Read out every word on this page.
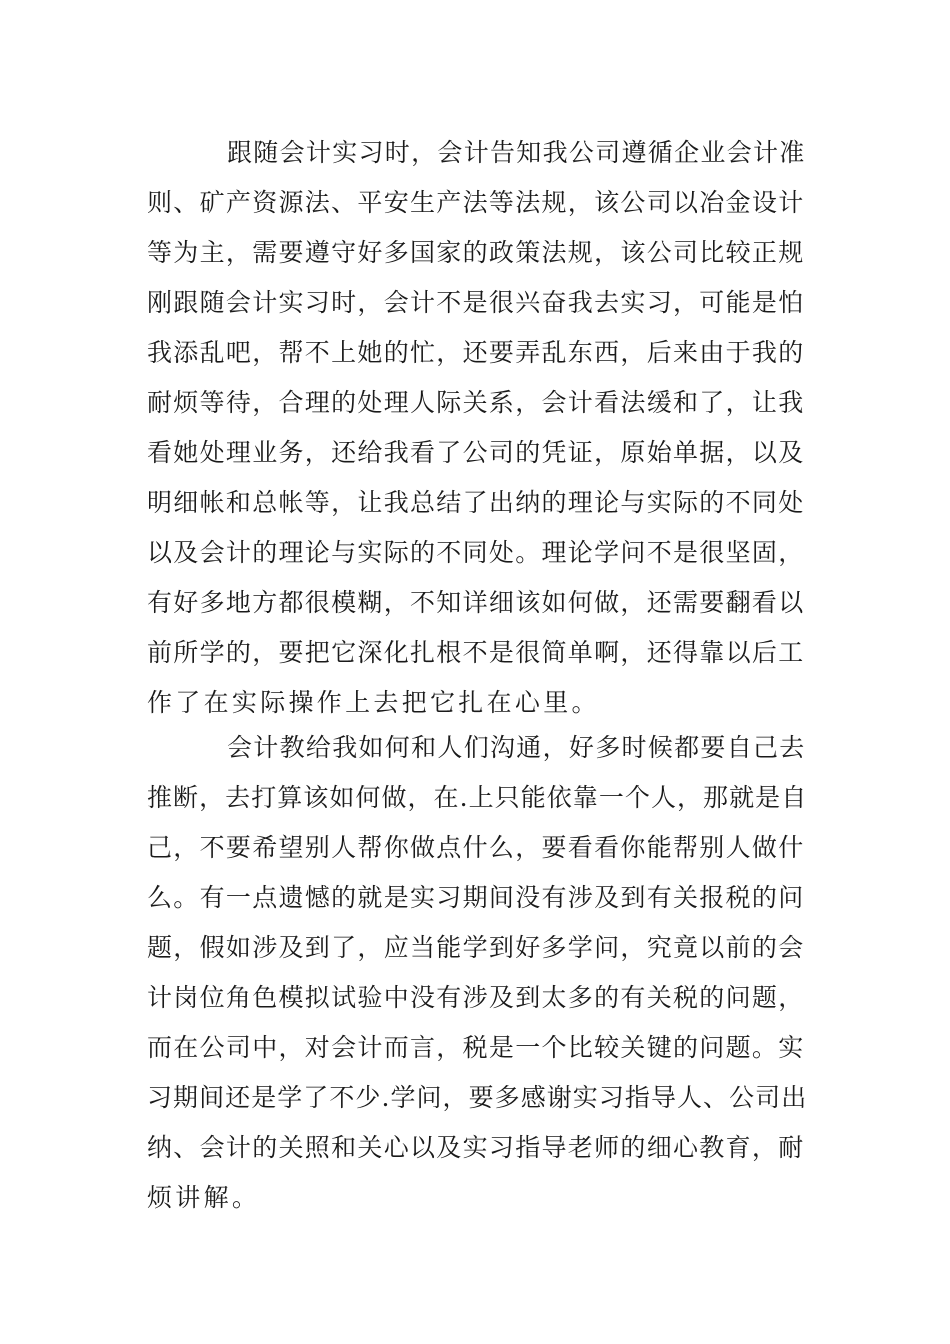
跟随会计实习时，会计告知我公司遵循企业会计准
则、矿产资源法、平安生产法等法规，该公司以冶金设计
等为主，需要遵守好多国家的政策法规，该公司比较正规
刚跟随会计实习时，会计不是很兴奋我去实习，可能是怕
我添乱吧，帮不上她的忙，还要弄乱东西，后来由于我的
耐烦等待，合理的处理人际关系，会计看法缓和了，让我
看她处理业务，还给我看了公司的凭证，原始单据，以及
明细帐和总帐等，让我总结了出纳的理论与实际的不同处
以及会计的理论与实际的不同处。理论学问不是很坚固，
有好多地方都很模糊，不知详细该如何做，还需要翻看以
前所学的，要把它深化扎根不是很简单啊，还得靠以后工
作了在实际操作上去把它扎在心里。
会计教给我如何和人们沟通，好多时候都要自己去
推断，去打算该如何做，在.上只能依靠一个人，那就是自
己，不要希望别人帮你做点什么，要看看你能帮别人做什
么。有一点遗憾的就是实习期间没有涉及到有关报税的问
题，假如涉及到了，应当能学到好多学问，究竟以前的会
计岗位角色模拟试验中没有涉及到太多的有关税的问题，
而在公司中，对会计而言，税是一个比较关键的问题。实
习期间还是学了不少.学问，要多感谢实习指导人、公司出
纳、会计的关照和关心以及实习指导老师的细心教育，耐
烦讲解。
